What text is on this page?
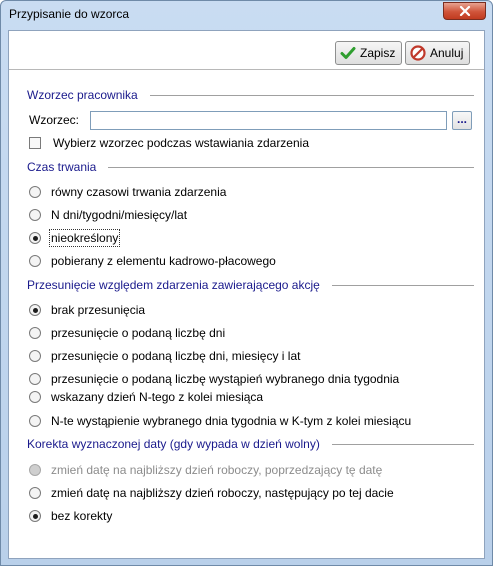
Przypisanie do wzorca
Zapisz	Anuluj
Wzorzec pracownika
Wzorzec:	...
Wybierz wzorzec podczas wstawiania zdarzenia
Czas trwania
równy czasowi trwania zdarzenia
N dni/tygodni/miesięcy/lat
nieokreślony
pobierany z elementu kadrowo-płacowego
Przesunięcie względem zdarzenia zawierającego akcję
brak przesunięcia
przesunięcie o podaną liczbę dni
przesunięcie o podaną liczbę dni, miesięcy i lat
przesunięcie o podaną liczbę wystąpień wybranego dnia tygodnia
wskazany dzień N-tego z kolei miesiąca
N-te wystąpienie wybranego dnia tygodnia w K-tym z kolei miesiącu
Korekta wyznaczonej daty (gdy wypada w dzień wolny)
zmień datę na najbliższy dzień roboczy, poprzedzający tę datę
zmień datę na najbliższy dzień roboczy, następujący po tej dacie
bez korekty
